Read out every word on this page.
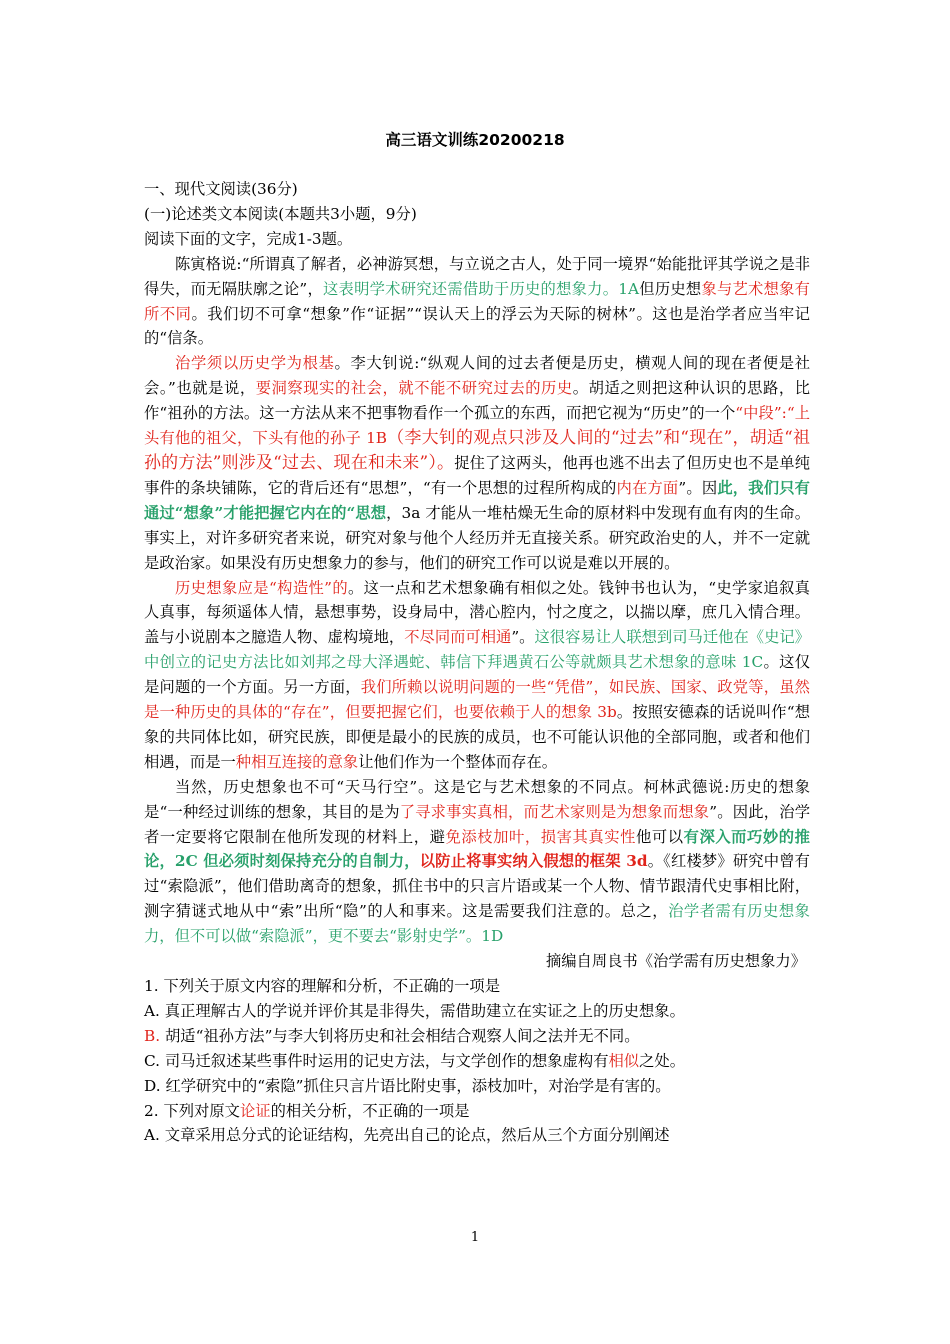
高三语文训练20200218

一、现代文阅读(36分)

(一)论述类文本阅读(本题共3小题，9分)

阅读下面的文字，完成1-3题。

陈寅格说:“所谓真了解者，必神游冥想，与立说之古人，处于同一境界“始能批评其学说之是非得失，而无隔肤廓之论”，这表明学术研究还需借助于历史的想象力。1A但历史想象与艺术想象有所不同。我们切不可拿“想象”作“证据”“误认天上的浮云为天际的树林”。这也是治学者应当牢记的“信条。

治学须以历史学为根基。李大钊说:“纵观人间的过去者便是历史，横观人间的现在者便是社会。”也就是说，要洞察现实的社会，就不能不研究过去的历史。胡适之则把这种认识的思路，比作“祖孙的方法。这一方法从来不把事物看作一个孤立的东西，而把它视为“历史”的一个“中段”:“上头有他的祖父，下头有他的孙子 1B（李大钊的观点只涉及人间的“过去”和“现在”，胡适“祖孙的方法”则涉及“过去、现在和未来”）。捉住了这两头，他再也逃不出去了但历史也不是单纯事件的条块铺陈，它的背后还有“思想”，“有一个思想的过程所构成的内在方面”。因此，我们只有通过“想象”才能把握它内在的“思想，3a 才能从一堆枯燥无生命的原材料中发现有血有肉的生命。事实上，对许多研究者来说，研究对象与他个人经历并无直接关系。研究政治史的人，并不一定就是政治家。如果没有历史想象力的参与，他们的研究工作可以说是难以开展的。

历史想象应是“构造性”的。这一点和艺术想象确有相似之处。钱钟书也认为，“史学家追叙真人真事，每须遥体人情，悬想事势，设身局中，潜心腔内，忖之度之，以揣以摩，庶几入情合理。盖与小说剧本之臆造人物、虚构境地，不尽同而可相通”。这很容易让人联想到司马迁他在《史记》中创立的记史方法比如刘邦之母大泽遇蛇、韩信下拜遇黄石公等就颇具艺术想象的意味 1C。这仅是问题的一个方面。另一方面，我们所赖以说明问题的一些“凭借”，如民族、国家、政党等，虽然是一种历史的具体的“存在”，但要把握它们，也要依赖于人的想象 3b。按照安德森的话说叫作“想象的共同体比如，研究民族，即便是最小的民族的成员，也不可能认识他的全部同胞，或者和他们相遇，而是一种相互连接的意象让他们作为一个整体而存在。

当然，历史想象也不可“天马行空”。这是它与艺术想象的不同点。柯林武德说:历史的想象是“一种经过训练的想象，其目的是为了寻求事实真相，而艺术家则是为想象而想象”。因此，治学者一定要将它限制在他所发现的材料上，避免添枝加叶，损害其真实性他可以有深入而巧妙的推论，2C 但必须时刻保持充分的自制力，以防止将事实纳入假想的框架 3d。《红楼梦》研究中曾有过“索隐派”，他们借助离奇的想象，抓住书中的只言片语或某一个人物、情节跟清代史事相比附，测字猜谜式地从中“索”出所“隐”的人和事来。这是需要我们注意的。总之，治学者需有历史想象力，但不可以做“索隐派”，更不要去“影射史学”。1D

摘编自周良书《治学需有历史想象力》

1. 下列关于原文内容的理解和分析，不正确的一项是

A. 真正理解古人的学说并评价其是非得失，需借助建立在实证之上的历史想象。

B. 胡适“祖孙方法”与李大钊将历史和社会相结合观察人间之法并无不同。

C. 司马迁叙述某些事件时运用的记史方法，与文学创作的想象虚构有相似之处。

D. 红学研究中的“索隐”抓住只言片语比附史事，添枝加叶，对治学是有害的。

2. 下列对原文论证的相关分析，不正确的一项是

A. 文章采用总分式的论证结构，先亮出自己的论点，然后从三个方面分别阐述

1
